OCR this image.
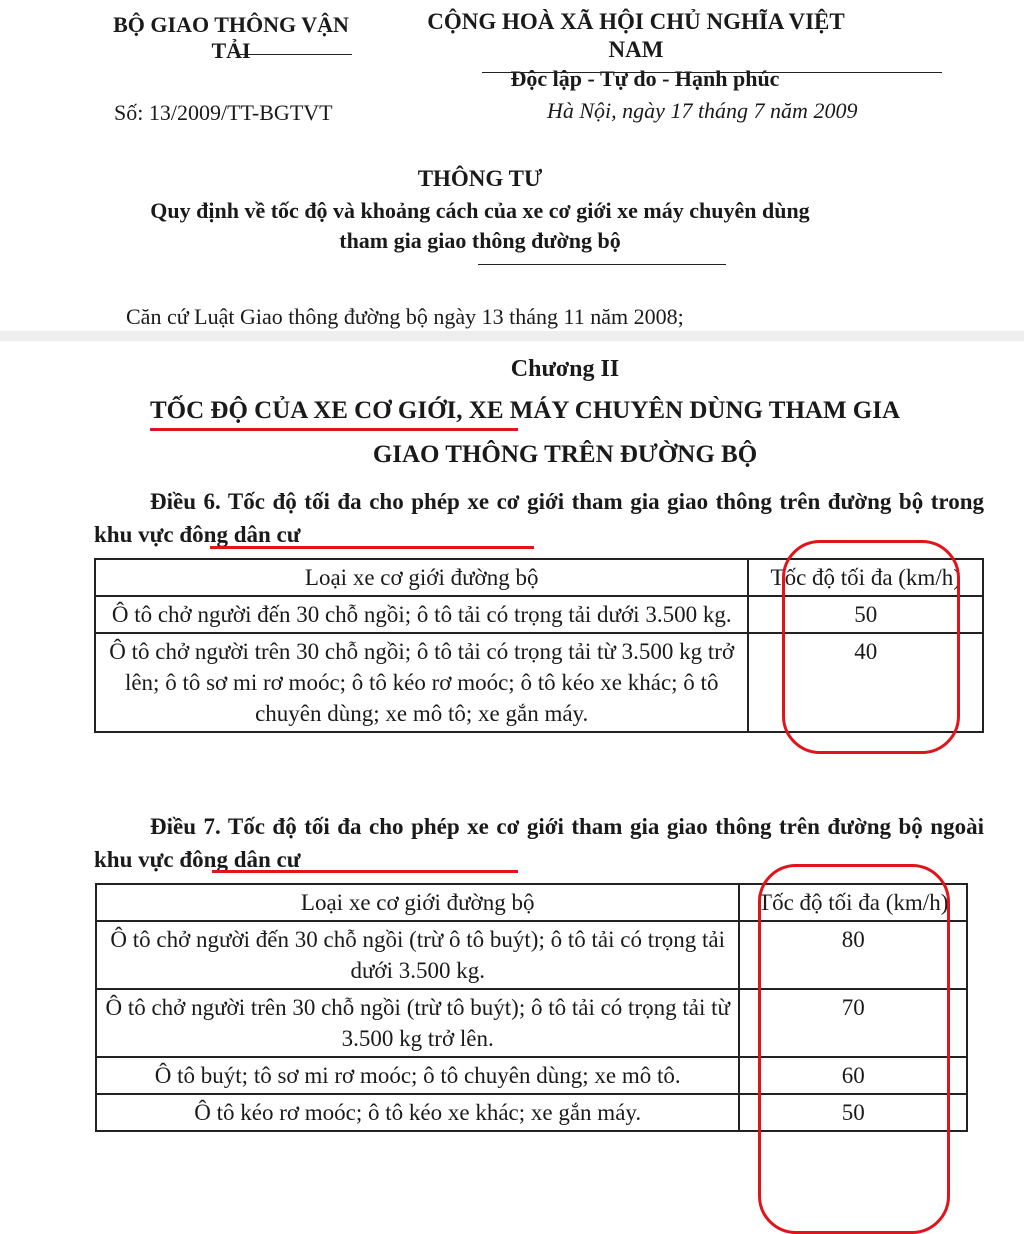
BỘ GIAO THÔNG VẬN TẢI
CỘNG HOÀ XÃ HỘI CHỦ NGHĨA VIỆT NAM
Độc lập - Tự do - Hạnh phúc
Số: 13/2009/TT-BGTVT	Hà Nội, ngày 17 tháng 7 năm 2009
THÔNG TƯ
Quy định về tốc độ và khoảng cách của xe cơ giới xe máy chuyên dùng tham gia giao thông đường bộ
Căn cứ Luật Giao thông đường bộ ngày 13 tháng 11 năm 2008;
Chương II
TỐC ĐỘ CỦA XE CƠ GIỚI, XE MÁY CHUYÊN DÙNG THAM GIA
GIAO THÔNG TRÊN ĐƯỜNG BỘ
Điều 6. Tốc độ tối đa cho phép xe cơ giới tham gia giao thông trên đường bộ trong khu vực đông dân cư
Loại xe cơ giới đường bộ	Tốc độ tối đa (km/h)
Ô tô chở người đến 30 chỗ ngồi; ô tô tải có trọng tải dưới 3.500 kg.	50
Ô tô chở người trên 30 chỗ ngồi; ô tô tải có trọng tải từ 3.500 kg trở lên; ô tô sơ mi rơ moóc; ô tô kéo rơ moóc; ô tô kéo xe khác; ô tô chuyên dùng; xe mô tô; xe gắn máy.	40
Điều 7. Tốc độ tối đa cho phép xe cơ giới tham gia giao thông trên đường bộ ngoài khu vực đông dân cư
Loại xe cơ giới đường bộ	Tốc độ tối đa (km/h)
Ô tô chở người đến 30 chỗ ngồi (trừ ô tô buýt); ô tô tải có trọng tải dưới 3.500 kg.	80
Ô tô chở người trên 30 chỗ ngồi (trừ tô buýt); ô tô tải có trọng tải từ 3.500 kg trở lên.	70
Ô tô buýt; tô sơ mi rơ moóc; ô tô chuyên dùng; xe mô tô.	60
Ô tô kéo rơ moóc; ô tô kéo xe khác; xe gắn máy.	50
